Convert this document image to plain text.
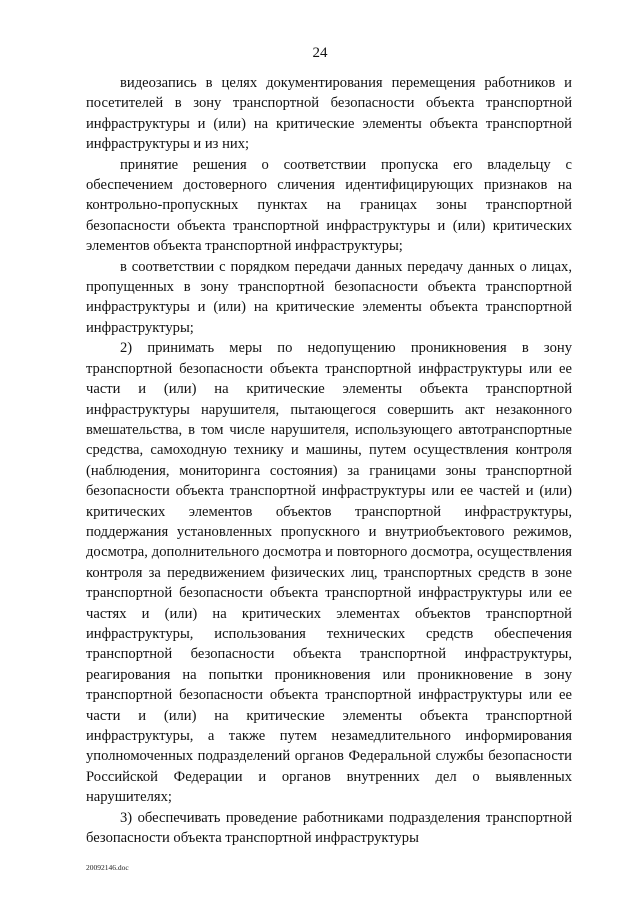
24

видеозапись в целях документирования перемещения работников и посетителей в зону транспортной безопасности объекта транспортной инфраструктуры и (или) на критические элементы объекта транспортной инфраструктуры и из них;

принятие решения о соответствии пропуска его владельцу с обеспечением достоверного сличения идентифицирующих признаков на контрольно-пропускных пунктах на границах зоны транспортной безопасности объекта транспортной инфраструктуры и (или) критических элементов объекта транспортной инфраструктуры;

в соответствии с порядком передачи данных передачу данных о лицах, пропущенных в зону транспортной безопасности объекта транспортной инфраструктуры и (или) на критические элементы объекта транспортной инфраструктуры;

2) принимать меры по недопущению проникновения в зону транспортной безопасности объекта транспортной инфраструктуры или ее части и (или) на критические элементы объекта транспортной инфраструктуры нарушителя, пытающегося совершить акт незаконного вмешательства, в том числе нарушителя, использующего автотранспортные средства, самоходную технику и машины, путем осуществления контроля (наблюдения, мониторинга состояния) за границами зоны транспортной безопасности объекта транспортной инфраструктуры или ее частей и (или) критических элементов объектов транспортной инфраструктуры, поддержания установленных пропускного и внутриобъектового режимов, досмотра, дополнительного досмотра и повторного досмотра, осуществления контроля за передвижением физических лиц, транспортных средств в зоне транспортной безопасности объекта транспортной инфраструктуры или ее частях и (или) на критических элементах объектов транспортной инфраструктуры, использования технических средств обеспечения транспортной безопасности объекта транспортной инфраструктуры, реагирования на попытки проникновения или проникновение в зону транспортной безопасности объекта транспортной инфраструктуры или ее части и (или) на критические элементы объекта транспортной инфраструктуры, а также путем незамедлительного информирования уполномоченных подразделений органов Федеральной службы безопасности Российской Федерации и органов внутренних дел о выявленных нарушителях;

3) обеспечивать проведение работниками подразделения транспортной безопасности объекта транспортной инфраструктуры

20092146.doc
